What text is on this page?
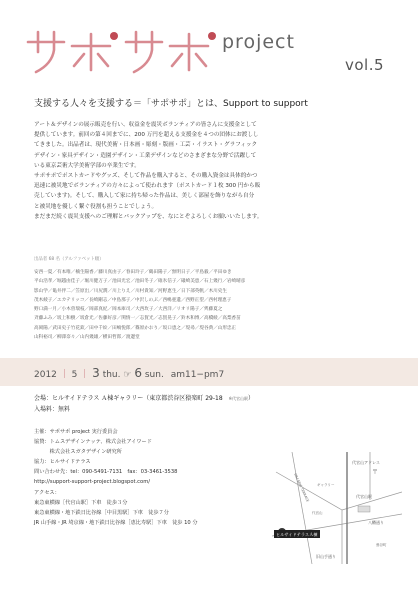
project
vol.5
支援する人々を支援する＝「サポサポ」とは、Support to support

アート＆デザインの展示販売を行い、収益金を震災ボランティアの皆さんに支援金として

提供しています。前回の第４回までに、200 万円を超える支援金を４つの団体にお渡しし

てきました。出品者は、現代美術・日本画・彫刻・版画・工芸・イラスト・グラフィック

デザイン・家具デザイン・造園デザイン・工業デザインなどのさまざまな分野で活躍して

いる東京芸術大学美術学部の卒業生です。

サポサポでポストカードやグッズ、そして作品を購入すると、その購入資金は具体的かつ

迅速に被災地でボランティアの方々によって使われます（ポストカード１枚 300 円から販

売しています)。そして、購入して家に持ち帰った作品は、美しく部屋を飾りながら自分

と被災地を優しく繋ぐ役割も担うことでしょう。

まだまだ続く震災支援へのご理解とバックアップを、なにとぞよろしくお願いいたします。

出品者 68 名（アルファベット順）
安西一夏／有本唯／楠生陽香／藤川真由子／春田玲子／鶴田陽子／無明日子／平島毅／平田ゆき
平山浩孝／堀越由佳子／堀川健万子／池田光宏／池田冬子／碓氷信子／礒崎美恵／石上幾行／岩崎晴彦
影山学／亀井伴二／笠原出／川尻潤／川上りえ／川村貴知／河野恵生／日下部英帆／木川史生
茂木綾子／エカテリッコ／長崎剛志／中島那子／中沢しのぶ／西嶋亜遺／西野正望／西村理恵子
野口満一月／小木曽瑞枝／岡部真紀／岡本庫司／大西玫子／大西洋／リオリ陽子／齊藤夏之
斉藤ふみ／坂上和樹／坂倉光／佐藤好彦／関情一／志賀光／志賀晃子／鈴木和博／高橋綾／高梨香苗
高岡陽／武田史子竹花欽／田中千絵／田嶋悦郎／篠原かおり／坂口恵之／堤尋／堤谷典／山形忠正
山科裕司／柳澤奈々／山内幾雄／横田哲郎／渡邊堂
2012 ｜ 5 ｜ 3 thu. ☞ 6 sun. am11−pm7
会場：ヒルサイドテラス Ａ棟ギャラリー（東京都渋谷区猿楽町 29-18　 ※代官山駅）
入場料：無料
主催：サポサポ project 実行委員会
協賛：トムスデザインナッテ、株式会社アイワード
　　　株式会社スガタデザイン研究所
協力：ヒルサイドテラス
問い合わせ先：tel：090-5491-7131　fax：03-3461-3538
http://support-support-project.blogspot.com/
アクセス：
東急東横線［代官山駅］下車　徒歩３分
東急東横線・地下鉄日比谷線［中目黒駅］下車　徒歩７分
JR 山手線・JR 埼京線・地下鉄日比谷線［恵比寿駅］下車　徒歩 10 分
ヒルサイドテラスＡ棟
代官山アドレス
代官山駅
八幡通り
旧山手通り
HILLSIDE TERRACE ギャラリー
代官山
鶯谷町
〒
